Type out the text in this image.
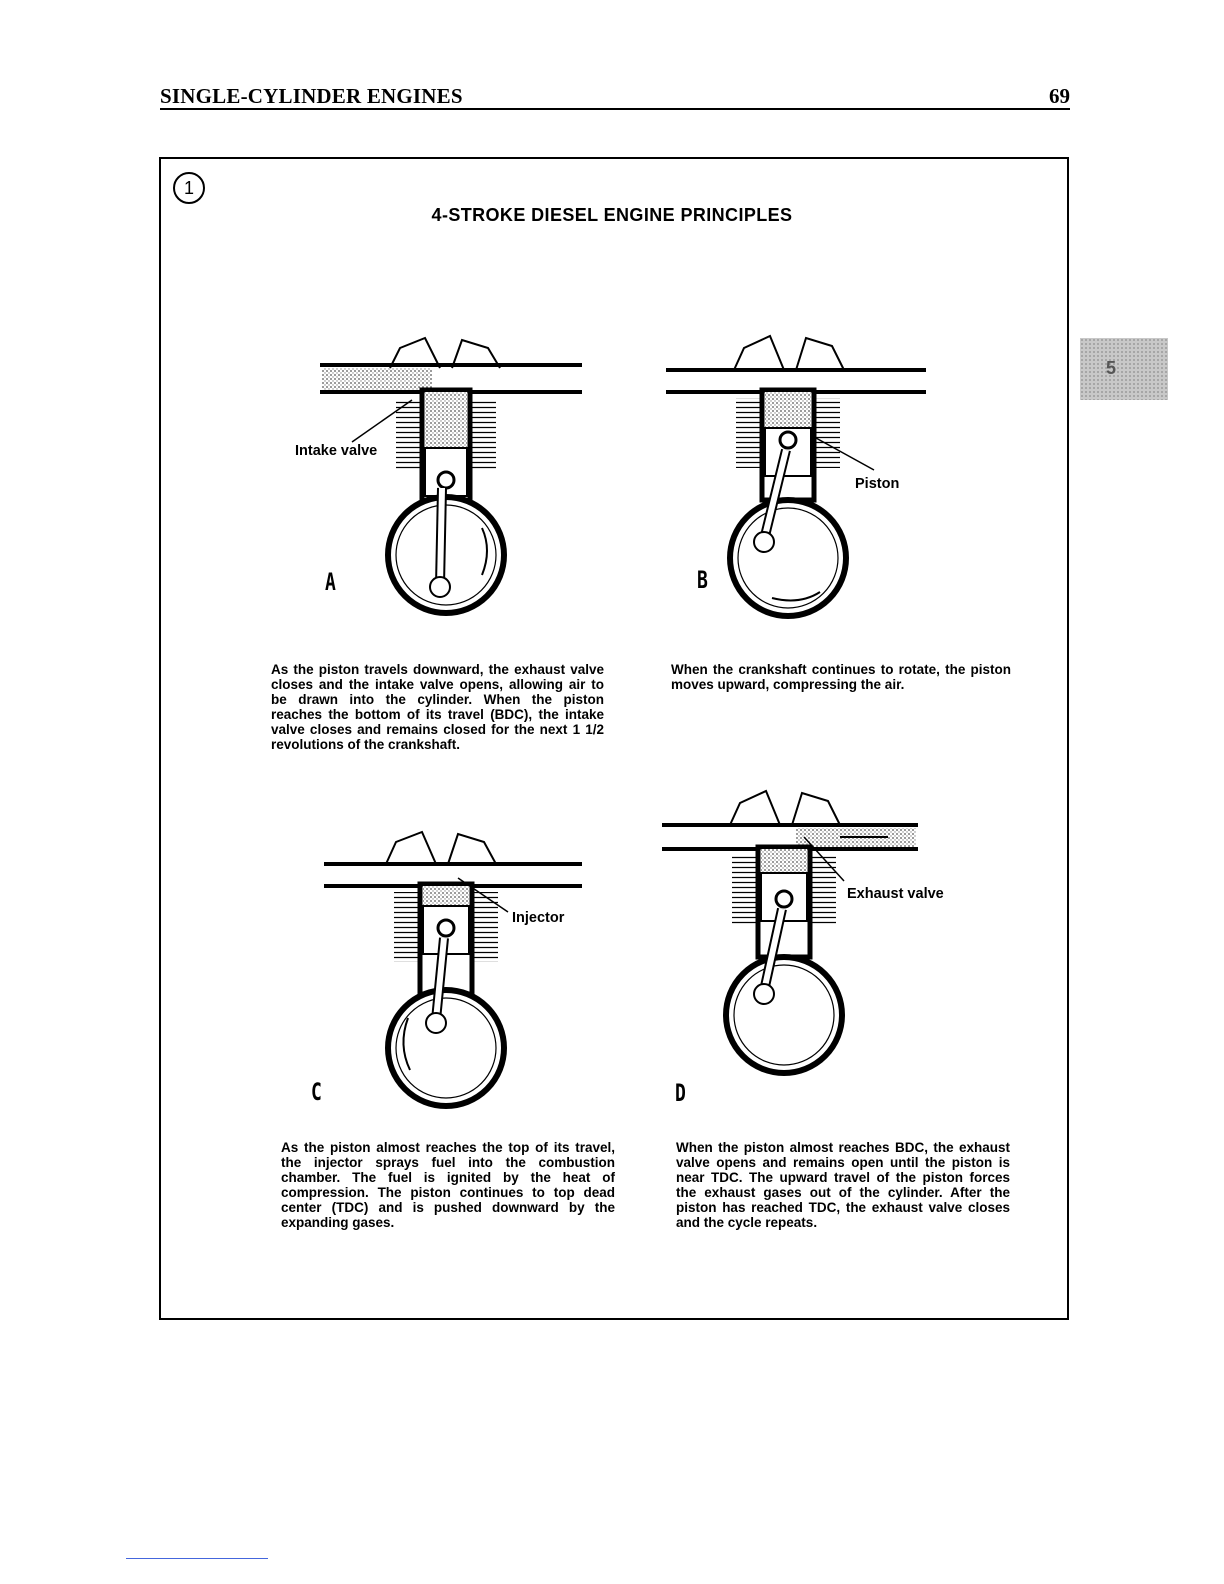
SINGLE-CYLINDER ENGINES	69
5
1
4-STROKE DIESEL ENGINE PRINCIPLES
Intake valve
A
Piston
B
Injector
C
Exhaust valve
D
As the piston travels downward, the exhaust valve closes and the intake valve opens, allowing air to be drawn into the cylinder. When the piston reaches the bottom of its travel (BDC), the intake valve closes and remains closed for the next 1 1/2 revolutions of the crankshaft.
When the crankshaft continues to rotate, the piston moves upward, compressing the air.
As the piston almost reaches the top of its travel, the injector sprays fuel into the combustion chamber. The fuel is ignited by the heat of compression. The piston continues to top dead center (TDC) and is pushed downward by the expanding gases.
When the piston almost reaches BDC, the exhaust valve opens and remains open until the piston is near TDC. The upward travel of the piston forces the exhaust gases out of the cylinder. After the piston has reached TDC, the exhaust valve closes and the cycle repeats.
